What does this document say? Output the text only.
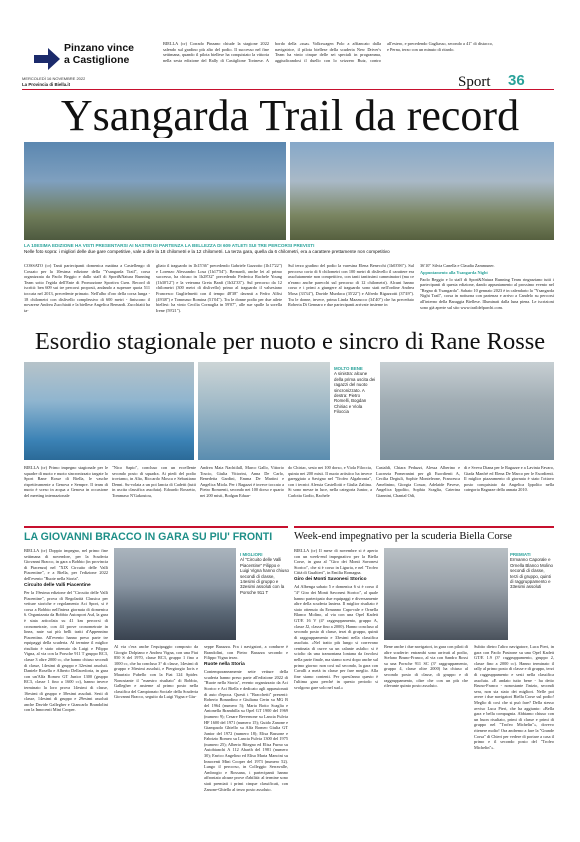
Pinzano vince
a Castiglione
BIELLA (cr) Corrado Pinzano chiude la stagione 2022 salendo sul gradino più alto del podio. Il successo nel fine settimana, quando il pilota biellese ha conquistato la vittoria nella sesta edizione del Rally di Castiglione Torinese. A bordo della «sua» Volkswagen Polo a affiancato dalla navigatrice, il pilota biellese della scuderia New Driver's Team ha vinto cinque delle sei speciali in programma, aggiudicandosi il duello con lo svizzero Butz, contro all'estero, e precedendo Gagliasso, secondo a 41" di distacco, e Perna, terzo con un minuto di ritardo.
MERCOLEDÌ 16 NOVEMBRE 2022
La Provincia di Biella.it	Sport 36
Ysangarda Trail da record
LA 10ESIMA EDIZIONE HA VISTI PRESENTARSI AI NASTRI DI PARTENZA LA BELLEZZA DI 609 ATLETI SUI TRE PERCORSI PREVISTI
Nelle foto sopra: i migliori delle due gare competitive, vale a dire la 18 chilometri e la 12 chilometri. La terza gara, quella da 6 chilometri, era a carattere prettamente non competitivo
COSSATO (cr) Tanti partecipanti domenica mattina a Castellengo di Cossato per la 10esima edizione della "Ysangarda Trail", corsa organizzata da Paolo Beggio e dallo staff di Sport&Natura Running Team sotto l'egida dell'Ente di Promozione Sportiva Csen. Record di iscritti: ben 609 sui tre percorsi proposti, andando a superare quota 511 toccata nel 2013, precedente primato. Nell'albo d'oro della corsa lunga - 18 chilometri con dislivello complessivo di 600 metri - finiscono il novarese Andrea Zucchiatti e la biellese Angelica Bernardi. Zucchiatti ha ta-
gliato il traguardo in 1h15'36" precedendo Gabriele Gazzotto (1h17'22") e Lorenzo Alessandro Losa (1h17'54"). Bernardi, anche lei al primo successo, ha chiuso in 1h28'32" precedendo Federica Rachele Young (1h30'12") e la veterana Greta Banfi (1h32'33"). Sul percorso da 12 chilometri (300 metri di dislivello) primo al traguardo il valsesiano Francesco Guglielmetti con il tempo 48'38" davanti a Fedro Alfisi (49'48") e Tommaso Romina (51'04"). Tra le donne podio per due atlete biellesi: ha vinto Cecilia Cornaglia in 59'07", alle sue spalle la sorella Irene (59'21").
Sul terzo gradino del podio la varesina Elena Benecchi (1h03'06"). Sul percorso corto di 6 chilometri con 100 metri di dislivello il carattere era assolutamente non competitivo, con tanti tantissimi camminatori (ma ce n'erano anche parecchi sul percorso di 12 chilometri). Alcuni hanno corso e i primi a giungere al traguardo sono stati nell'ordine Andrea Mosa (33'34"), Davide Murdaca (35'22") e Alfredo Rigazzotti (37'49"). Tra le donne, invece, prima Linda Mazzucco (34'40") che ha preceduto Roberta Di Gennaro e due partecipanti arrivate insieme in

36'10" Silvia Canella e Claudia Zammuner.

Appuntamento alla Ysangarda Night

Paolo Beggio e lo staff di Sport&Natura Running Team ringraziano tutti i partecipanti di questa edizione, dando appuntamento al prossimo evento nel "Regno di Ysangarda". Sabato 10 gennaio 2023 è in calendario la "Ysangarda Night Trail", corsa in notturna con partenza e arrivo a Candelo su percorsi all'interno della Baraggia Biellese. Illuminati dalla luna piena. Le iscrizioni sono già aperte sul sito www.traildelparchi.com.

Esordio stagionale per nuoto e sincro di Rane Rosse
MOLTO BENE
A sinistra: alcune della prima uscita dei ragazzi del nuoto sincronizzato. A destra: Pietro Romelli, Bogdan Chiriac e Viola Filoccia
BIELLA (cr) Primo impegno stagionale per le squadre di nuoto e nuoto sincronizzato targate lo Sport Rane Rosse di Biella, le vasche rispettivamente a Genova e Sempre. Il team di nuoto è sceso in acqua a Genova in occasione del meeting internazionale
"Nico Sapio", concluso con un eccellente secondo posto di squadra. Ai piedi del podio troviamo, in Alto, Riccardo Mosca e Sebastiano Denni. Su-volata a un poi lancia di Cadetti (tutti in uscita classifica assoluta). Edoardo Rossetto, Tommaso N'Gakoutou,
Andrea Maia Nachtilall, Marco Gallo, Vittorio Toscio, Giulia Vittorini, Anna De Carlo, Benedetta Gardini, Emma De Martini e Angelica Miola. Per i Ragazzi è invece toccato a Pietro Romrenti, secondo nei 100 dorso e quarto nei 200 misti, Bodgan Eduar-
do Chiriac, sesto nei 100 dorso, e Viola Filoccia, quinta nei 200 misti. Il nuoto artistico ha invece gareggiato a Savigno nel "Trofeo Algabronia", con i tecnici Alessia Castellotti e Giulia Zaltina. Si sono messe in luce, nella categoria Junior, a Carlotta Godio, Rachele
Castaldi, Chiara Peduzzi, Alessa Alberino e Lucrezia Pomeranini per gli Esordienti A, Cecilia Degiuli, Sophie Monteleone, Francesca Amelinino, Giorgia Cossar, Adelaide Pavese, Angelica Ippolito, Sophia Scaglia, Caterina Giannini, Chantal Odi,
di e Sveva Diana per le Ragazze e a Lavinia Favaro, Giada Manfrè ed Elena De Marco per le Esordienti. Il miglior piazzamento di giornata è stato l'ottavo posto conquistato da Angelica Ippolito nella categoria Ragazze della annata 2010.
LA GIOVANNI BRACCO IN GARA SU PIU' FRONTI

BIELLA (cr) Doppio impegno, nel primo fine settimana di novembre, per la Scuderia Giovanni Bracco, in gara a Bobbio (in provincia di Piacenza) nel "XIX Circuito delle Valli Piacentine", e a Biella, per l'edizione 2022 dell'evento "Ruote nella Storia".

Circuito delle Valli Piacentine

Per la 19esima edizione del "Circuito delle Valli Piacentine", prova di Regolarità Classica per vetture storiche e regolamento Aci Sport, si è corsa a Bobbio nell'intera giornata di domenica 6. Organizzata da Bobbio Autosport Asd, la gara è stata articolata su 41 km percorsi di cronometrate, con 44 prove cronometrate in linea, nate sui più belli tratti d'Appennino Piacentino. All'evento hanno preso parte tre equipaggi della scuderia. Al termine il miglior risultato è stato ottenuto da Luigi e Filippo Vigna, al via con la Porsche 911 T gruppo RC3, classe 3 oltre 2000 cc, che hanno chiuso secondi di classe, 14esimi di gruppo e 32esimi assoluti. Daniele Rosella e Alberto Dellacedoria, in gara con un'Alfa Romeo GT Junior 1300 (gruppo RC3, classe 1 fino a 1600 cc), hanno invece terminato la loro prova 14esimi di classe, 16esimi di gruppo e 30esimi assoluti. Sesti di classe, 14esimi di gruppo e 29esimi assoluti anche Davide Gallegher e Giancarlo Brandolini con la Innocenti Mini Cooper.

I MIGLIORI
Al "Circuito delle Valli Piacentine" Filippo e Luigi Vigna hanno chiuso secondi di classe, 14esimi di gruppo e 32esimi assoluti con la Porsche 911 T
Al via c'era anche l'equipaggio composto da Giorgio Dolpiano e Andrea Vigna, con una Fiat 850 S del 1970, classe RC3, gruppo 1 fino a 1000 cc, che ha concluso 3° di classe, 14esimi di gruppo e 36esimi assoluti, e Piergiorgio Ioris e Maurizio Pubello con la Fiat 124 Spider. Nonostante il "maestro risultato" di Bobbio, Gallegher e assieme al primo posto nella classifica del Campionato Sociale della Scuderia Giovanni Bracco, seguito da Luigi Vigna e Giu-

seppe Barazza. Fra i navigatori, a condurre è Brandolini, con Pietro Barazza secondo e Filippo Vigna terzo.

Ruote nella Storia

Contemporaneamente sette vetture della scuderia hanno preso parte all'edizione 2022 di "Ruote nella Storia", evento organizzato da Aci Storico e Aci Biella e dedicato agli appassionati di auto d'epoca. Questi i "Bracchetti" presenti: Roberto Bonardino e Giuliana Cerin su MG B del 1964 (numero 5); Maria Botto Scaglia e Antonella Brambilla su Opel GT 1900 del 1969 (numero 9); Cesare Bevernone su Lancia Fulvia HF 1600 del 1971 (numero 15); Guido Zanone e Giampaolo Ghiello su Alfa Romeo Giulia GT Junior del 1972 (numero 18); Elisa Bassone e Fabrizio Romeo su Lancia Fulvia 1300 del 1975 (numero 25); Alberto Ritegno ed Elisa Furno su Autobianchi A 112 Abarth del 1981 (numero 30); Enrico Angelino ed Elisa Maria Mancini su Innocenti Mini Cooper del 1973 (numero 52). Lungo il percorso, in Colleggio Serravalle, Ambrogio e Rossana, i partecipanti hanno affrontato alcune prove d'abilità: al termine sono stati premiati i primi cinque classificati, con Zanone-Ghiello al terzo posto assoluto.

Week-end impegnativo per la scuderia Biella Corse

BIELLA (cr) Il mese di novembre si è aperto con un week-end impegnativo per la Biella Corse, in gara al "Giro dei Monti Savonesi Storico", che si è corso in Liguria, e nel "Trofeo Città di Gualtieri", in Emilia Romagna.

Giro dei Monti Savonesi Storico

Ad Albenga sabato 5 e domenica 6 si è corso il "4° Giro dei Monti Savonesi Storico", al quale hanno partecipato due equipaggi e diversamente altre della scuderia laniera. Il miglior risultato è stato ottenuto da Ermanno Capo-rale e Ornella Blanco Molino, al via con una Opel Kadett GT/E 16 V (4° raggruppamento, gruppo A, classe J2, classe fino a 2000). Hanno concluso al secondo posto di classe, terzi di gruppo, quinti di raggruppamento e 33esimi nella classifica assoluta. «Nel tratto più lungo si correvano centinaia di curve su un calante asfalto: si è sciolto da una tramontana lontana da favolosi nella parte finale, ma siamo scesi dopo anche sul primo giorno: non così sul secondo, la gara con Cavalli a metà in classe per fare meglio. Alla fine siamo contenti. Per quest'anno questo è l'ultima gara perché in questo periodo si svolgono gare solo nel sud.»

PREMIATI
Ermanno Caporale e Ornella Blanco Molino secondi di classe, terzi di gruppo, quinti di raggruppamento e 33esimi assoluti
Bene anche i due navigatori, in gara con piloti di altre scuderie: entrambi sono arrivati al podio, Stefano Bruno-Franco, al via con Sandro Rossi su una Porsche 911 SC (3° raggruppamento, gruppo 4, classe oltre 2000) ha chiuso al secondo posto di classe, di gruppo e di raggruppamento, oltre che con un più che rilevante quinto posto assoluto.
Subito dietro l'altro navigatore, Luca Pieri, in gara con Paolo Pastrone su una Opel Kadett GT/E 1.9 (3° raggruppamento, gruppo 2, classe fino a 2000 cc). Hanno terminato il rally al primo posto di classe e di gruppo, terzi di raggruppamento e sesti nella classifica assoluta. «E andato tutto bene - ha detto Bruno-Franco - nonostante l'inizio, secondi sera, non sia stato dei migliori. Nelle poi avere i due navigatori Biella Corse sul podio! Meglio di così che si può fare? Della stesso avviso Luca Pieri, che ha aggiunto: «Bella gara e bella compagnia. Abbiamo chiuso con un buon risultato, primi di classe e primi di gruppo nel "Trofeo Michelin"», dovevo ritenere molto! Ora andremo a fare la "Grande Corsa" di Chieri per vedere di portare a casa il primo e il secondo posto del "Trofeo Michelin"».
